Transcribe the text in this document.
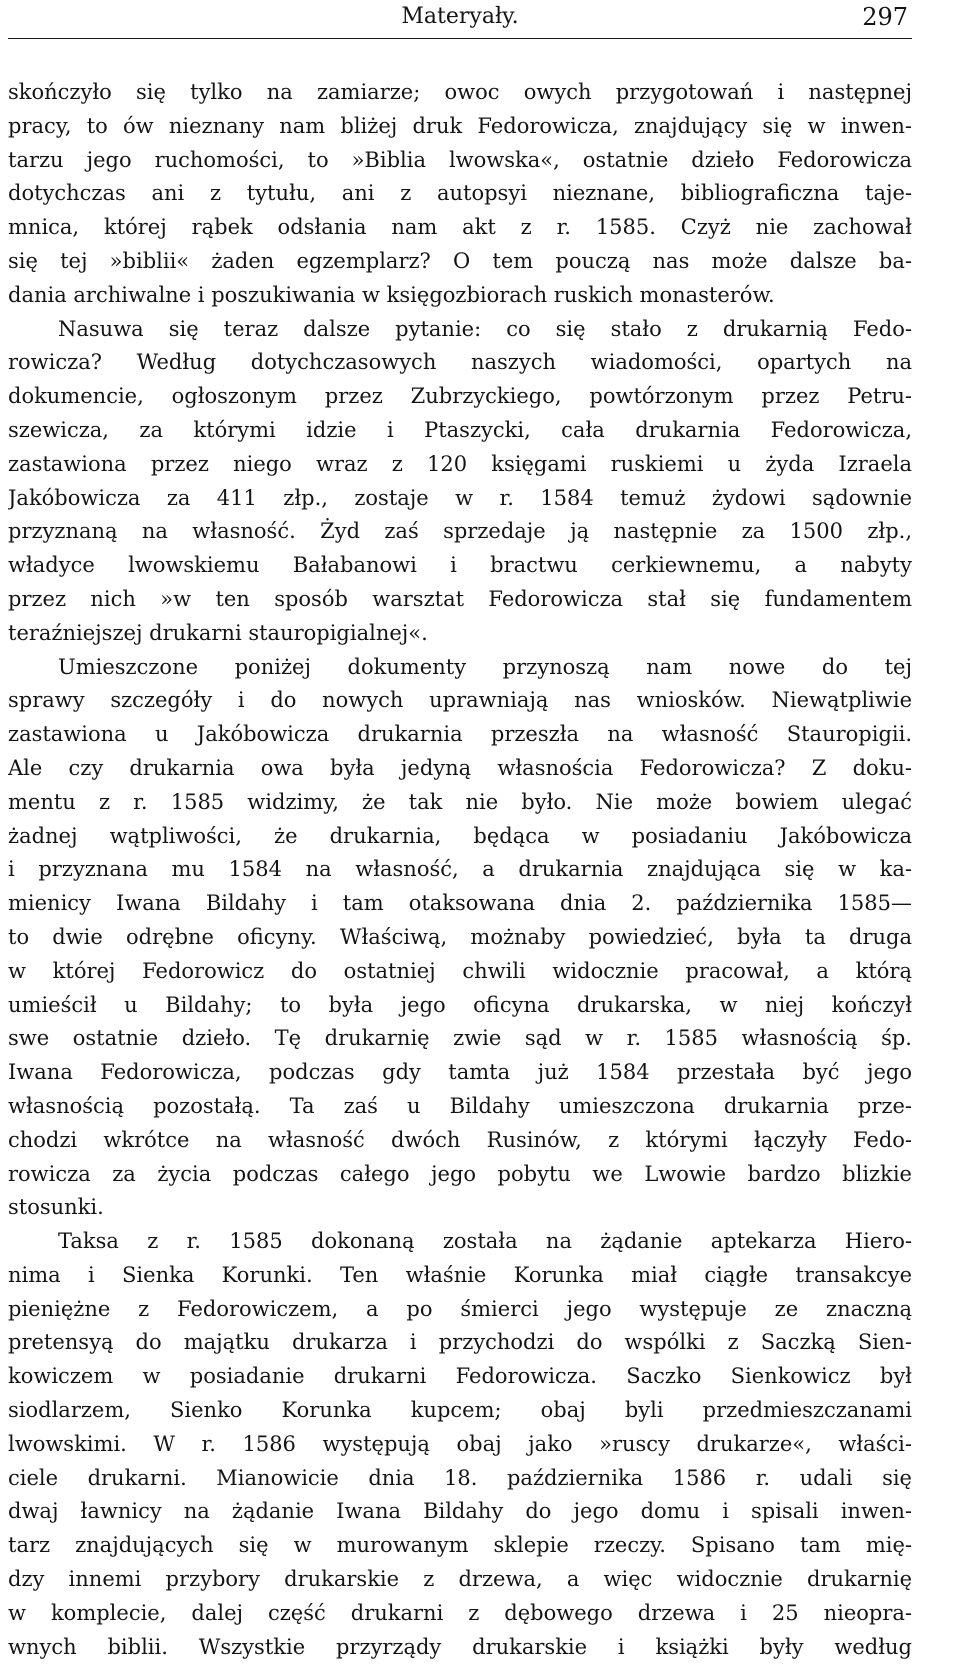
Materyały.	297
skończyło się tylko na zamiarze; owoc owych przygotowań i następnej
pracy, to ów nieznany nam bliżej druk Fedorowicza, znajdujący się w inwen-
tarzu jego ruchomości, to »Biblia lwowska«, ostatnie dzieło Fedorowicza
dotychczas ani z tytułu, ani z autopsyi nieznane, bibliograficzna taje-
mnica, której rąbek odsłania nam akt z r. 1585. Czyż nie zachował
się tej »biblii« żaden egzemplarz? O tem pouczą nas może dalsze ba-
dania archiwalne i poszukiwania w księgozbiorach ruskich monasterów.
Nasuwa się teraz dalsze pytanie: co się stało z drukarnią Fedo-
rowicza? Według dotychczasowych naszych wiadomości, opartych na
dokumencie, ogłoszonym przez Zubrzyckiego, powtórzonym przez Petru-
szewicza, za którymi idzie i Ptaszycki, cała drukarnia Fedorowicza,
zastawiona przez niego wraz z 120 księgami ruskiemi u żyda Izraela
Jakóbowicza za 411 złp., zostaje w r. 1584 temuż żydowi sądownie
przyznaną na własność. Żyd zaś sprzedaje ją następnie za 1500 złp.,
władyce lwowskiemu Bałabanowi i bractwu cerkiewnemu, a nabyty
przez nich »w ten sposób warsztat Fedorowicza stał się fundamentem
teraźniejszej drukarni stauropigialnej«.
Umieszczone poniżej dokumenty przynoszą nam nowe do tej
sprawy szczegóły i do nowych uprawniają nas wniosków. Niewątpliwie
zastawiona u Jakóbowicza drukarnia przeszła na własność Stauropigii.
Ale czy drukarnia owa była jedyną własnościa Fedorowicza? Z doku-
mentu z r. 1585 widzimy, że tak nie było. Nie może bowiem ulegać
żadnej wątpliwości, że drukarnia, będąca w posiadaniu Jakóbowicza
i przyznana mu 1584 na własność, a drukarnia znajdująca się w ka-
mienicy Iwana Bildahy i tam otaksowana dnia 2. października 1585—
to dwie odrębne oficyny. Właściwą, możnaby powiedzieć, była ta druga
w której Fedorowicz do ostatniej chwili widocznie pracował, a którą
umieścił u Bildahy; to była jego oficyna drukarska, w niej kończył
swe ostatnie dzieło. Tę drukarnię zwie sąd w r. 1585 własnością śp.
Iwana Fedorowicza, podczas gdy tamta już 1584 przestała być jego
własnością pozostałą. Ta zaś u Bildahy umieszczona drukarnia prze-
chodzi wkrótce na własność dwóch Rusinów, z którymi łączyły Fedo-
rowicza za życia podczas całego jego pobytu we Lwowie bardzo blizkie
stosunki.
Taksa z r. 1585 dokonaną została na żądanie aptekarza Hiero-
nima i Sienka Korunki. Ten właśnie Korunka miał ciągłe transakcye
pieniężne z Fedorowiczem, a po śmierci jego występuje ze znaczną
pretensyą do majątku drukarza i przychodzi do wspólki z Saczką Sien-
kowiczem w posiadanie drukarni Fedorowicza. Saczko Sienkowicz był
siodlarzem, Sienko Korunka kupcem; obaj byli przedmieszczanami
lwowskimi. W r. 1586 występują obaj jako »ruscy drukarze«, właści-
ciele drukarni. Mianowicie dnia 18. października 1586 r. udali się
dwaj ławnicy na żądanie Iwana Bildahy do jego domu i spisali inwen-
tarz znajdujących się w murowanym sklepie rzeczy. Spisano tam mię-
dzy innemi przybory drukarskie z drzewa, a więc widocznie drukarnię
w komplecie, dalej część drukarni z dębowego drzewa i 25 nieopra-
wnych biblii. Wszystkie przyrządy drukarskie i książki były według
